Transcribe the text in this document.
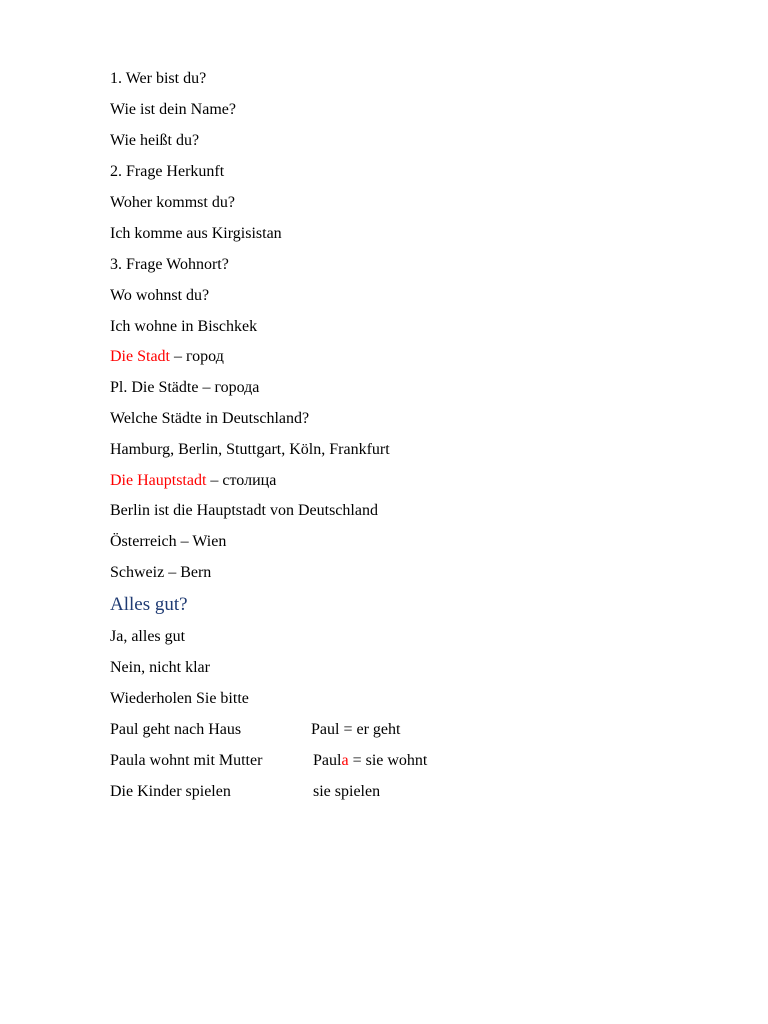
1. Wer bist du?
Wie ist dein Name?
Wie heißt du?
2. Frage Herkunft
Woher kommst du?
Ich komme aus Kirgisistan
3. Frage Wohnort?
Wo wohnst du?
Ich wohne in Bischkek
Die Stadt – город
Pl. Die Städte – города
Welche Städte in Deutschland?
Hamburg, Berlin, Stuttgart, Köln, Frankfurt
Die Hauptstadt – столица
Berlin ist die Hauptstadt von Deutschland
Österreich – Wien
Schweiz – Bern
Alles gut?
Ja, alles gut
Nein, nicht klar
Wiederholen Sie bitte
Paul geht nach Haus	Paul = er geht
Paula wohnt mit Mutter	Paula = sie wohnt
Die Kinder spielen	sie spielen
